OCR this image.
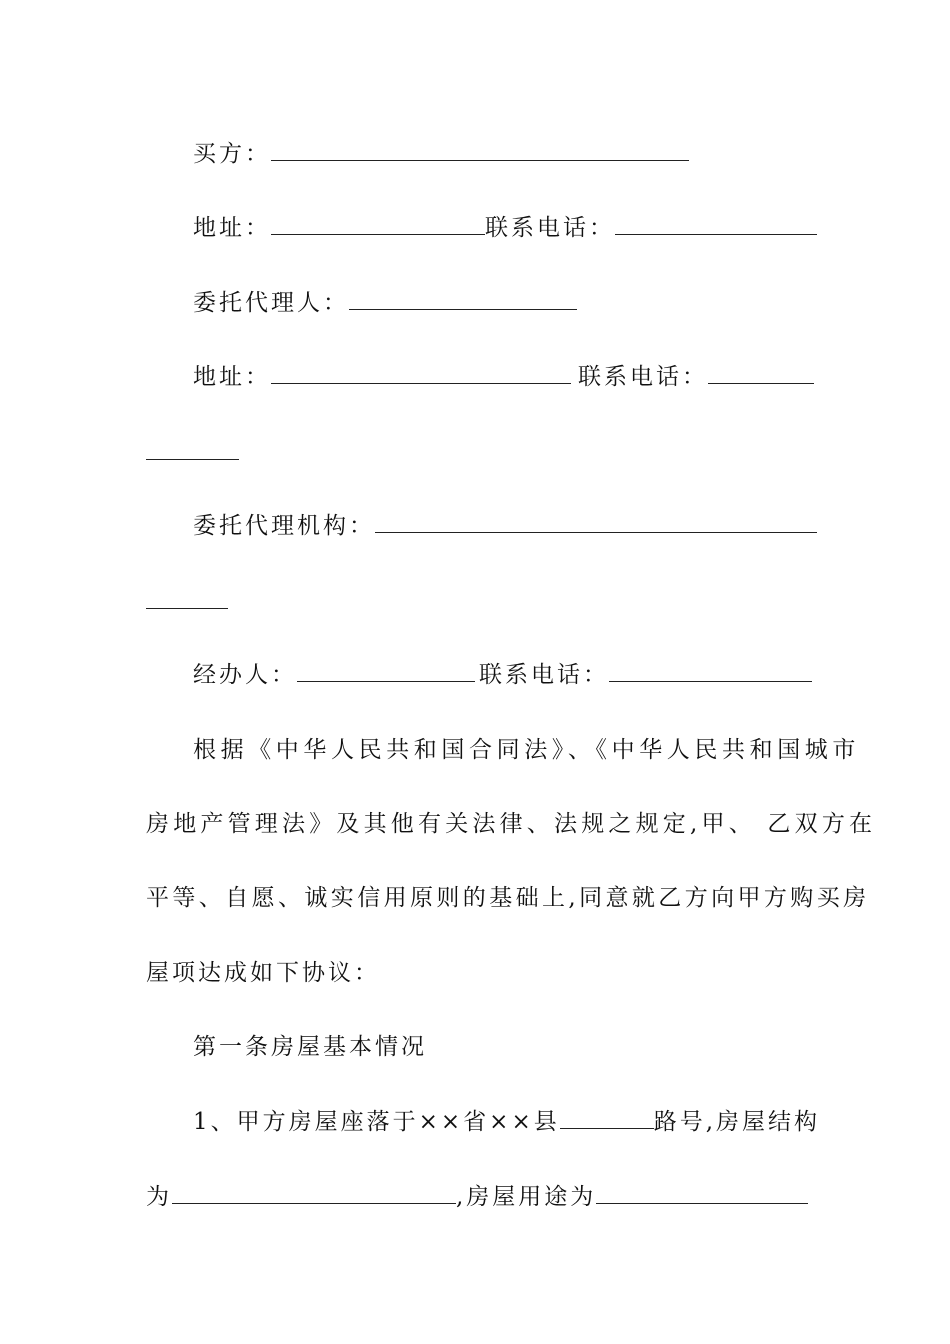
买方：
地址：	联系电话：
委托代理人：
地址：	联系电话：
委托代理机构：
经办人：	联系电话：
根据《中华人民共和国合同法》、《中华人民共和国城市
房地产管理法》及其他有关法律、法规之规定,甲、 乙双方在
平等、自愿、诚实信用原则的基础上,同意就乙方向甲方购买房
屋项达成如下协议：
第一条房屋基本情况
1、甲方房屋座落于××省××县	路号,房屋结构
为	,房屋用途为
